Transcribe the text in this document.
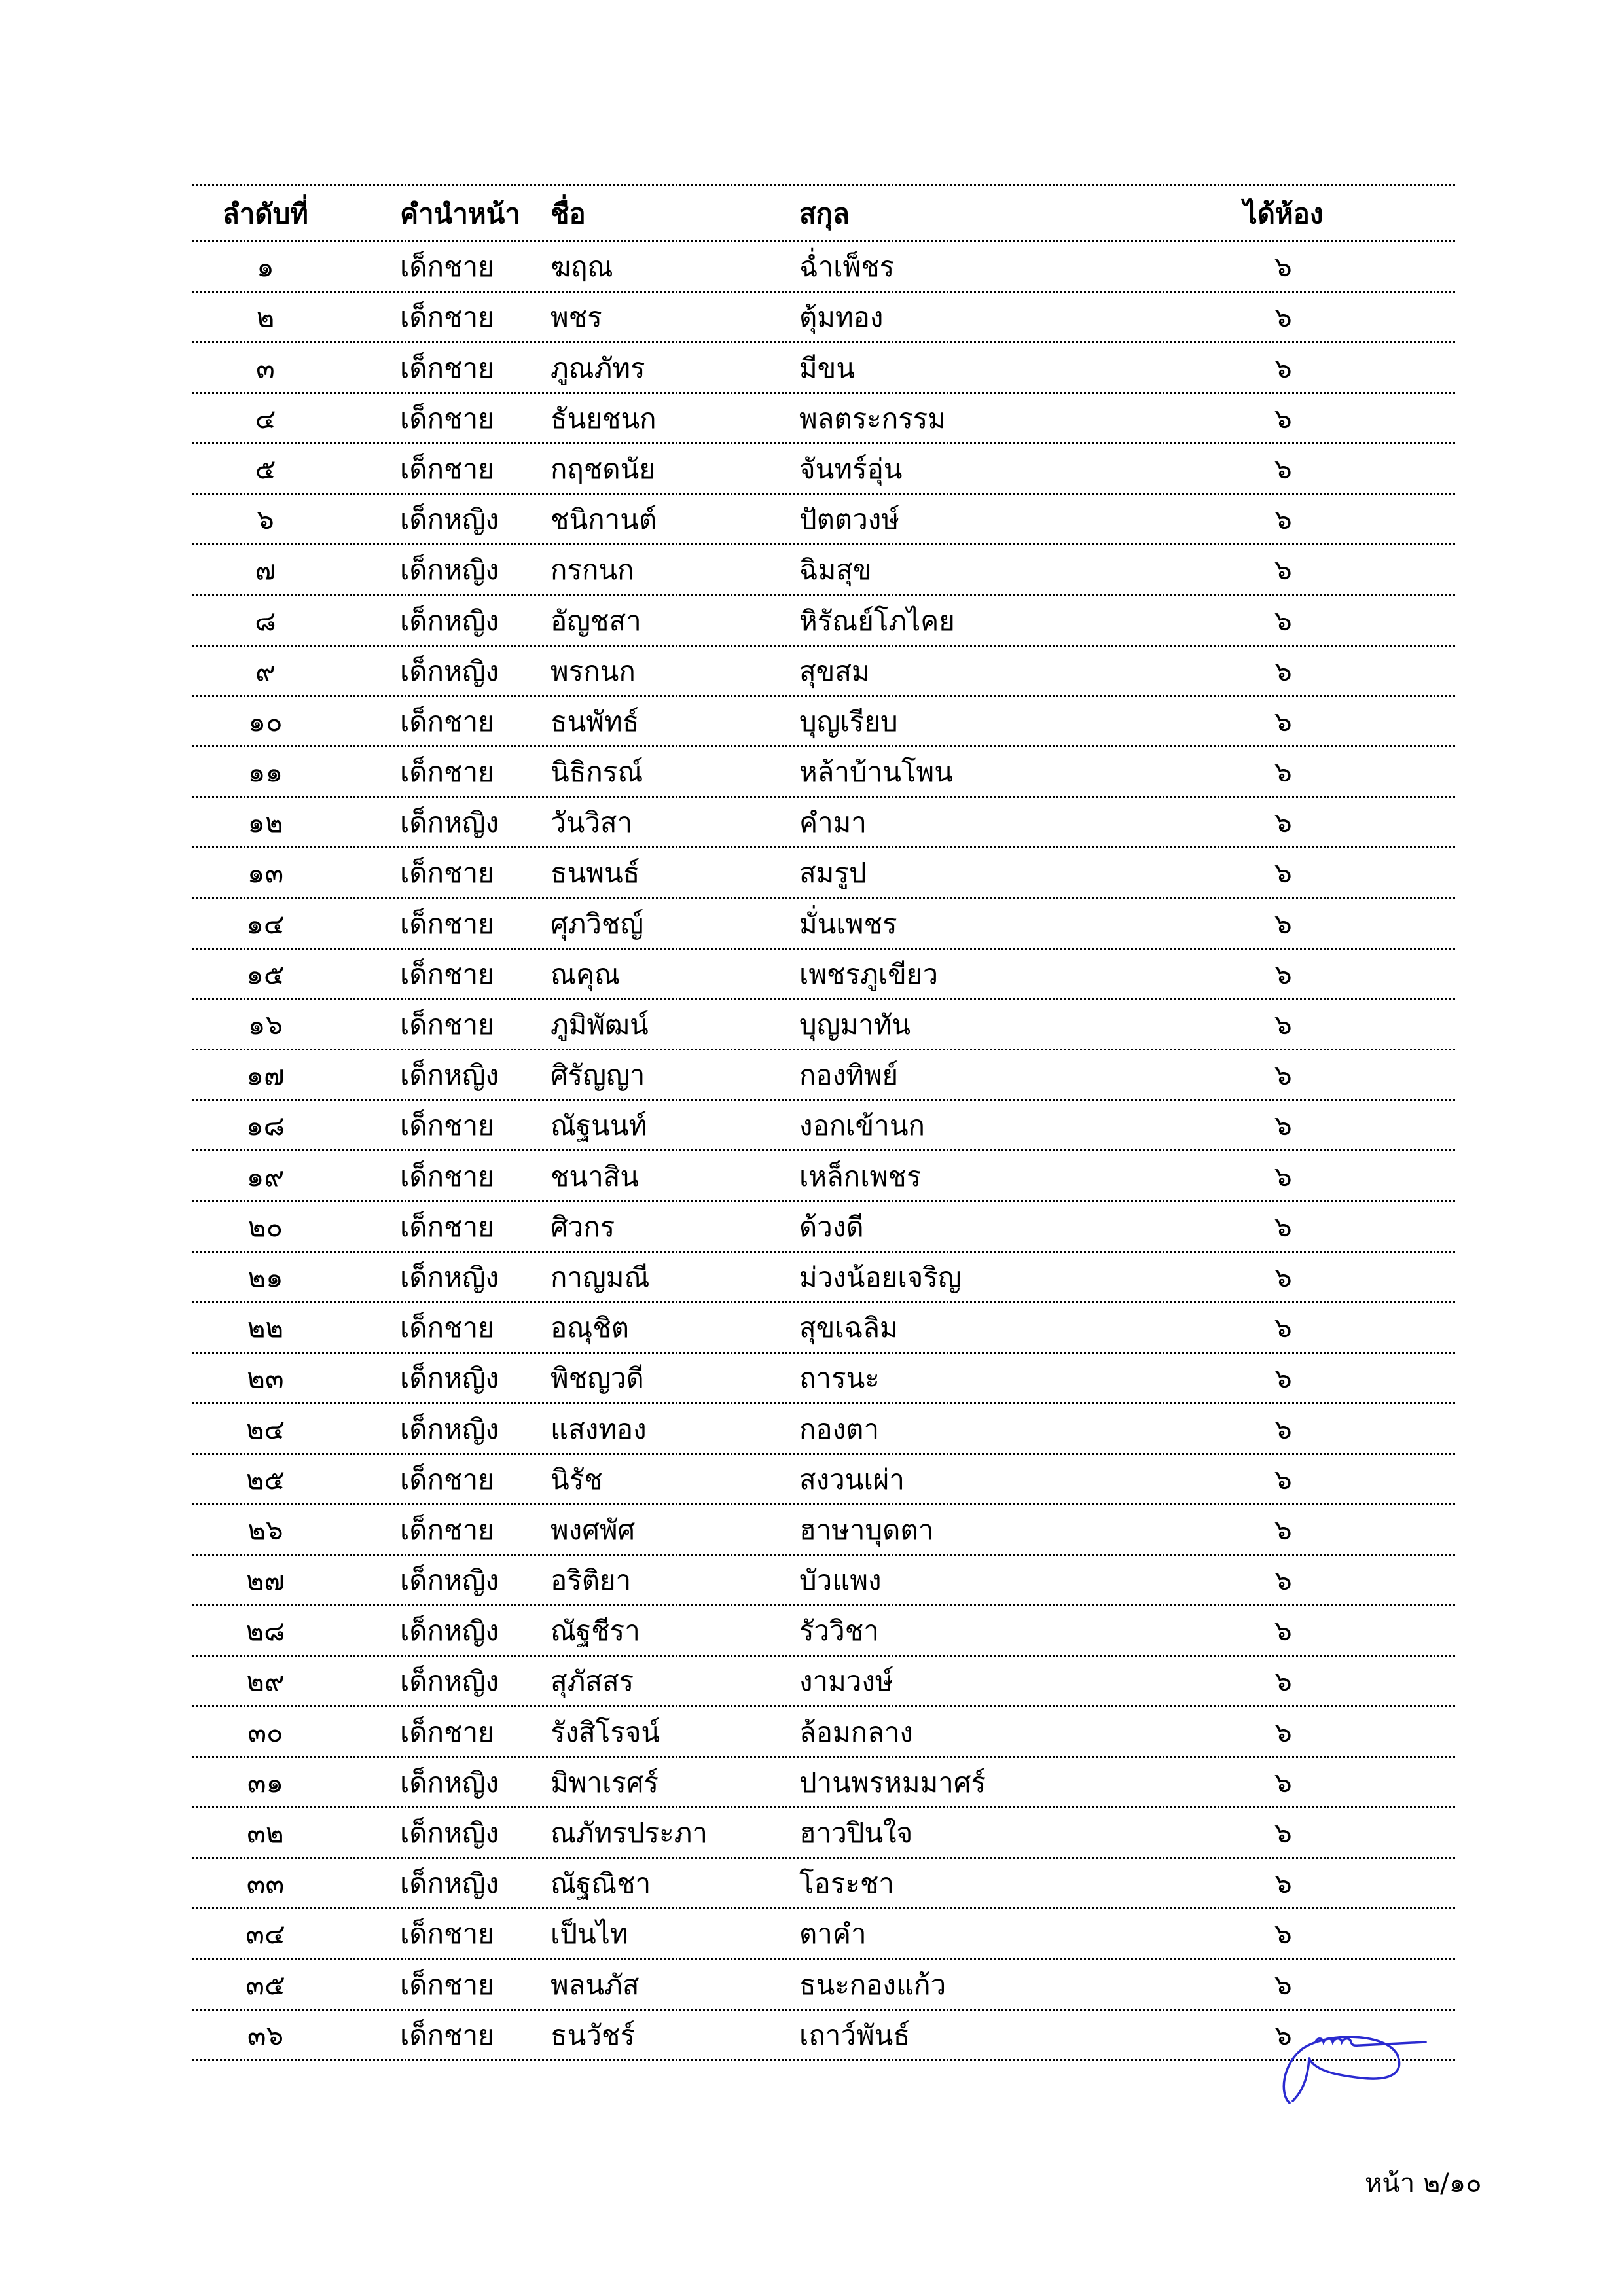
ลำดับที่	คำนำหน้า ชื่อ	สกุล	ได้ห้อง
๑	เด็กชาย ฆฤณ	ฉ่ำเพ็ชร	๖
๒	เด็กชาย พชร	ตุ้มทอง	๖
๓	เด็กชาย ภูณภัทร	มีขน	๖
๔	เด็กชาย ธันยชนก	พลตระกรรม	๖
๕	เด็กชาย กฤชดนัย	จันทร์อุ่น	๖
๖	เด็กหญิง ชนิกานต์	ปัตตวงษ์	๖
๗	เด็กหญิง กรกนก	ฉิมสุข	๖
๘	เด็กหญิง อัญชสา	หิรัณย์โภไคย	๖
๙	เด็กหญิง พรกนก	สุขสม	๖
๑๐	เด็กชาย ธนพัทธ์	บุญเรียบ	๖
๑๑	เด็กชาย นิธิกรณ์	หล้าบ้านโพน	๖
๑๒	เด็กหญิง วันวิสา	คำมา	๖
๑๓	เด็กชาย ธนพนธ์	สมรูป	๖
๑๔	เด็กชาย ศุภวิชญ์	มั่นเพชร	๖
๑๕	เด็กชาย ณคุณ	เพชรภูเขียว	๖
๑๖	เด็กชาย ภูมิพัฒน์	บุญมาทัน	๖
๑๗	เด็กหญิง ศิรัญญา	กองทิพย์	๖
๑๘	เด็กชาย ณัฐนนท์	งอกเข้านก	๖
๑๙	เด็กชาย ชนาสิน	เหล็กเพชร	๖
๒๐	เด็กชาย ศิวกร	ด้วงดี	๖
๒๑	เด็กหญิง กาญมณี	ม่วงน้อยเจริญ	๖
๒๒	เด็กชาย อณุชิต	สุขเฉลิม	๖
๒๓	เด็กหญิง พิชญวดี	ถารนะ	๖
๒๔	เด็กหญิง แสงทอง	กองตา	๖
๒๕	เด็กชาย นิรัช	สงวนเผ่า	๖
๒๖	เด็กชาย พงศพัศ	ฮาษาบุดตา	๖
๒๗	เด็กหญิง อริติยา	บัวแพง	๖
๒๘	เด็กหญิง ณัฐชีรา	รัววิชา	๖
๒๙	เด็กหญิง สุภัสสร	งามวงษ์	๖
๓๐	เด็กชาย รังสิโรจน์	ล้อมกลาง	๖
๓๑	เด็กหญิง มิพาเรศร์	ปานพรหมมาศร์	๖
๓๒	เด็กหญิง ณภัทรประภา	ฮาวปินใจ	๖
๓๓	เด็กหญิง ณัฐณิชา	โอระชา	๖
๓๔	เด็กชาย เป็นไท	ตาคำ	๖
๓๕	เด็กชาย พลนภัส	ธนะกองแก้ว	๖
๓๖	เด็กชาย ธนวัชร์	เถาว์พันธ์	๖
หน้า ๒/๑๐
